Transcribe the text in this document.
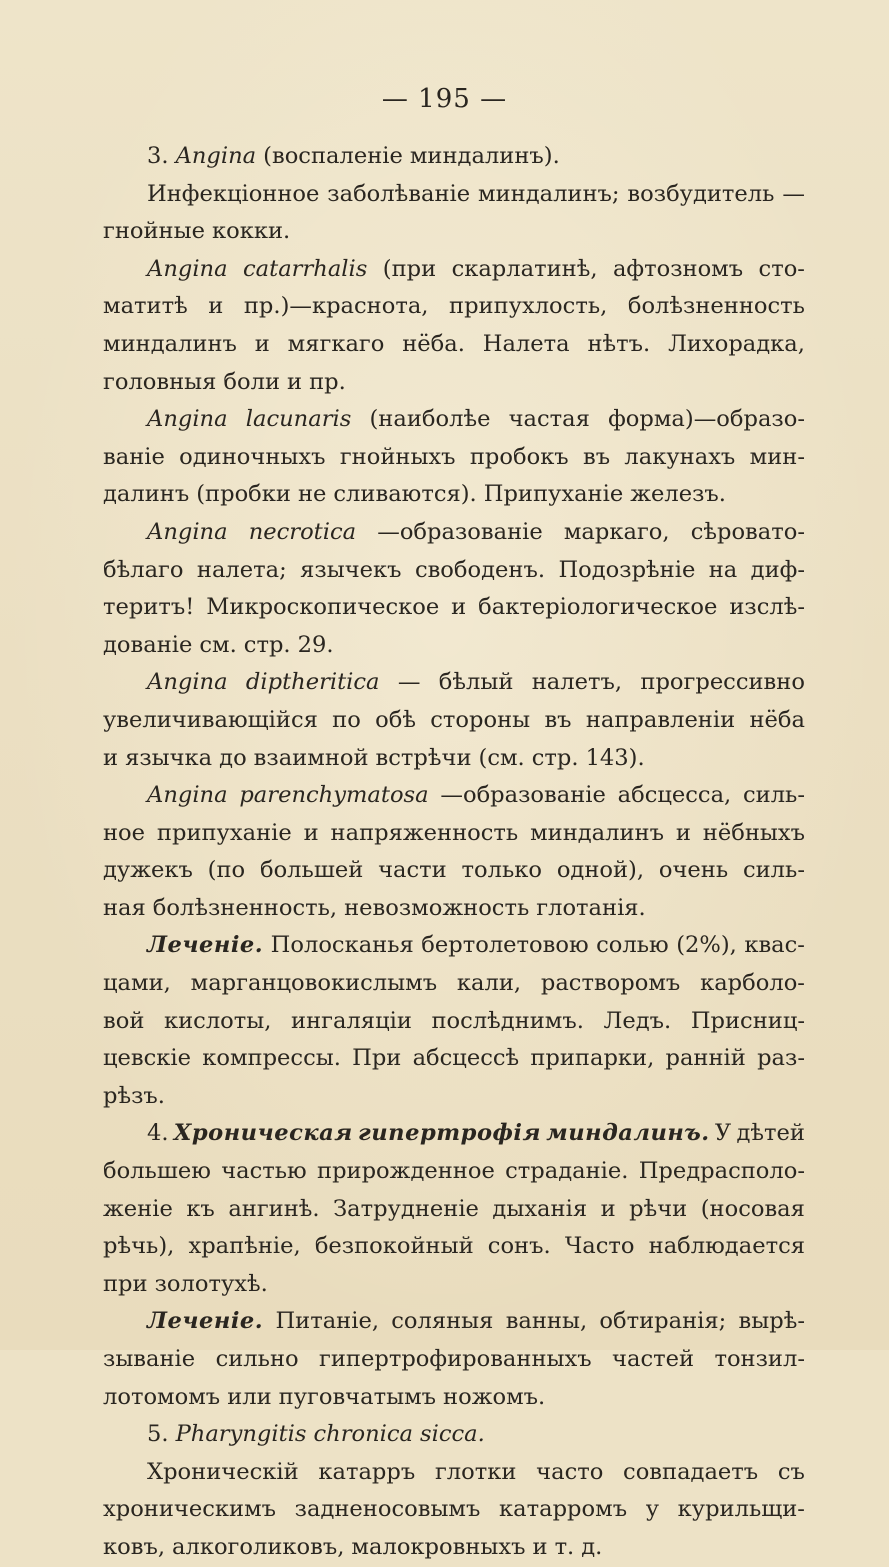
— 195 —
3. Angina (воспаленіе миндалинъ).
Инфекціонное заболѣваніе миндалинъ; возбудитель —
гнойные кокки.
Angina catarrhalis (при скарлатинѣ, афтозномъ сто-
матитѣ и пр.)—краснота, припухлость, болѣзненность
миндалинъ и мягкаго нёба. Налета нѣтъ. Лихорадка,
головныя боли и пр.
Angina lacunaris (наиболѣе частая форма)—образо-
ваніе одиночныхъ гнойныхъ пробокъ въ лакунахъ мин-
далинъ (пробки не сливаются). Припуханіе железъ.
Angina necrotica —образованіе маркаго, сѣровато-
бѣлаго налета; язычекъ свободенъ. Подозрѣніе на диф-
теритъ! Микроскопическое и бактеріологическое изслѣ-
дованіе см. стр. 29.
Angina diptheritica — бѣлый налетъ, прогрессивно
увеличивающійся по обѣ стороны въ направленіи нёба
и язычка до взаимной встрѣчи (см. стр. 143).
Angina parenchymatosa —образованіе абсцесса, силь-
ное припуханіе и напряженность миндалинъ и нёбныхъ
дужекъ (по большей части только одной), очень силь-
ная болѣзненность, невозможность глотанія.
Леченіе. Полосканья бертолетовою солью (2%), квас-
цами, марганцовокислымъ кали, растворомъ карболо-
вой кислоты, ингаляціи послѣднимъ. Ледъ. Присниц-
цевскіе компрессы. При абсцессѣ припарки, ранній раз-
рѣзъ.
4. Хроническая гипертрофія миндалинъ. У дѣтей
большею частью прирожденное страданіе. Предрасполо-
женіе къ ангинѣ. Затрудненіе дыханія и рѣчи (носовая
рѣчь), храпѣніе, безпокойный сонъ. Часто наблюдается
при золотухѣ.
Леченіе. Питаніе, соляныя ванны, обтиранія; вырѣ-
зываніе сильно гипертрофированныхъ частей тонзил-
лотомомъ или пуговчатымъ ножомъ.
5. Pharyngitis chronica sicca.
Хроническій катарръ глотки часто совпадаетъ съ
хроническимъ задненосовымъ катарромъ у курильщи-
ковъ, алкоголиковъ, малокровныхъ и т. д.
